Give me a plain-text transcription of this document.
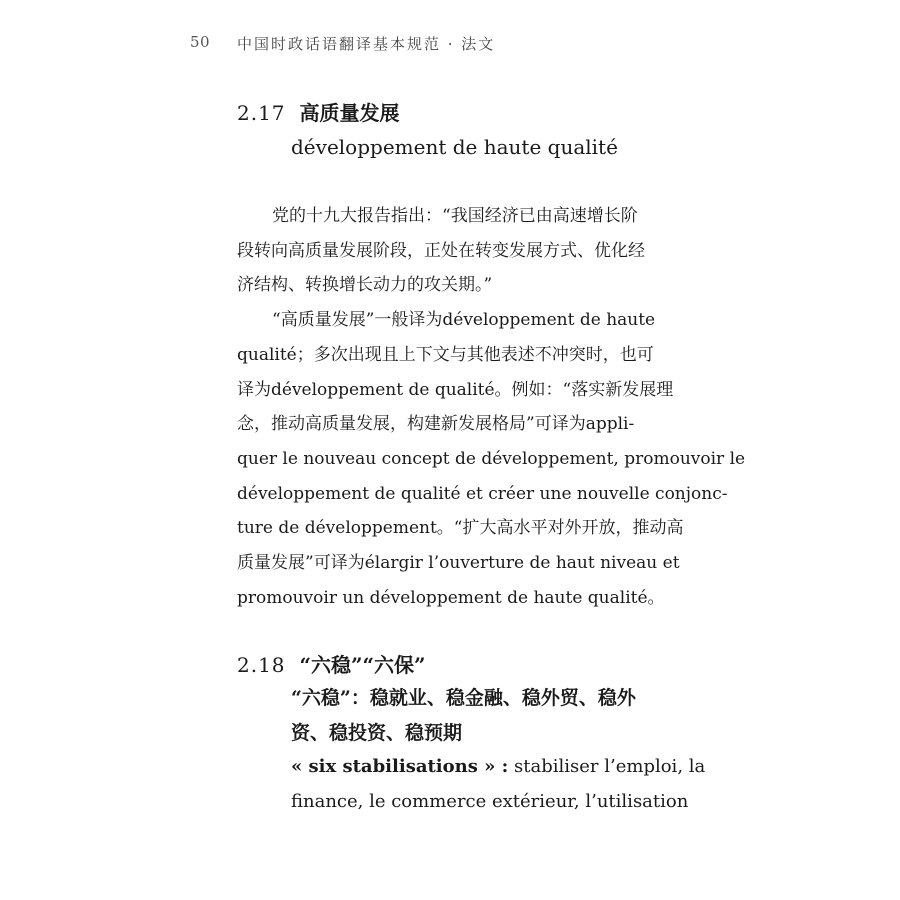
50 中国时政话语翻译基本规范 · 法文
2.17 高质量发展
développement de haute qualité
党的十九大报告指出：“我国经济已由高速增长阶
段转向高质量发展阶段，正处在转变发展方式、优化经
济结构、转换增长动力的攻关期。”
“高质量发展”一般译为développement de haute
qualité；多次出现且上下文与其他表述不冲突时，也可
译为développement de qualité。例如：“落实新发展理
念，推动高质量发展，构建新发展格局”可译为appli-
quer le nouveau concept de développement, promouvoir le
développement de qualité et créer une nouvelle conjonc-
ture de développement。“扩大高水平对外开放，推动高
质量发展”可译为élargir l’ouverture de haut niveau et
promouvoir un développement de haute qualité。
2.18 “六稳”“六保”
“六稳”：稳就业、稳金融、稳外贸、稳外
资、稳投资、稳预期
« six stabilisations » : stabiliser l’emploi, la
finance, le commerce extérieur, l’utilisation
